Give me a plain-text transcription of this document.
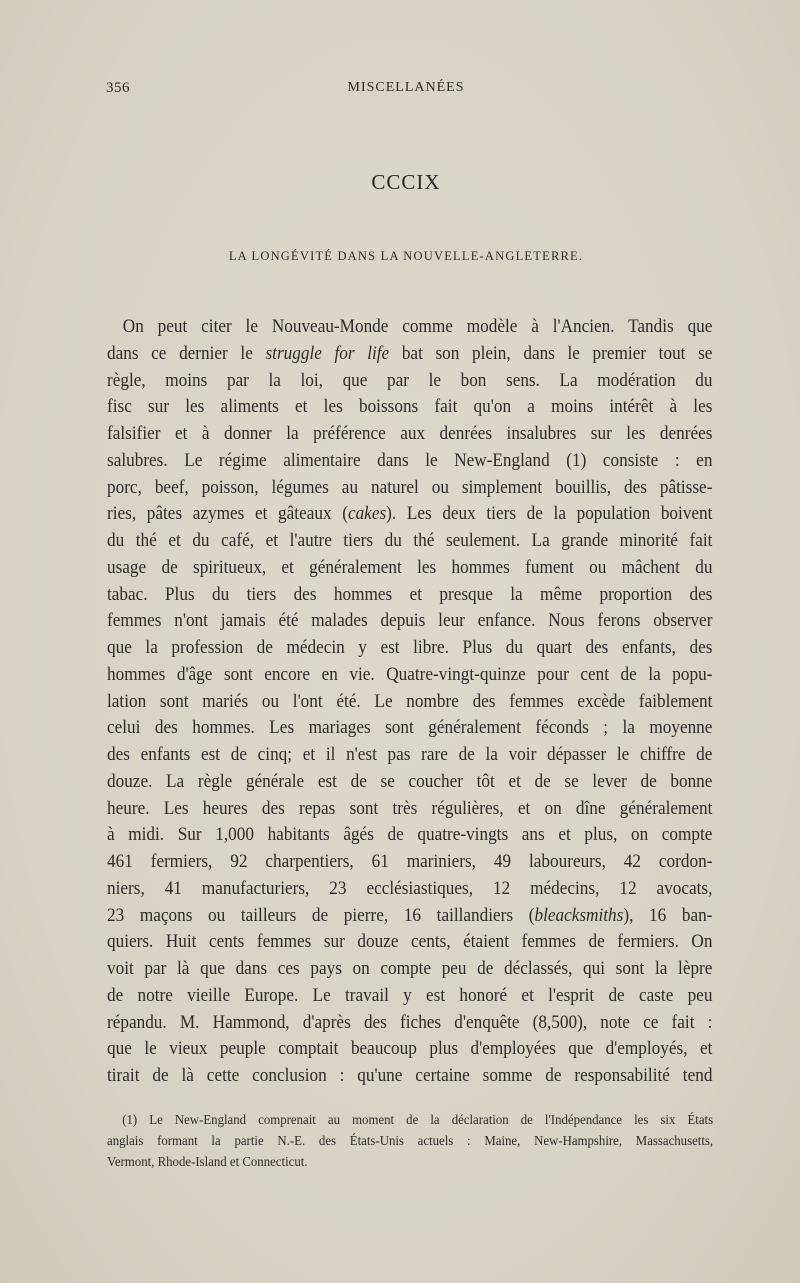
356	MISCELLANÉES
CCCIX
LA LONGÉVITÉ DANS LA NOUVELLE-ANGLETERRE.
On peut citer le Nouveau-Monde comme modèle à l'Ancien. Tandis que
dans ce dernier le struggle for life bat son plein, dans le premier tout se
règle, moins par la loi, que par le bon sens. La modération du
fisc sur les aliments et les boissons fait qu'on a moins intérêt à les
falsifier et à donner la préférence aux denrées insalubres sur les denrées
salubres. Le régime alimentaire dans le New-England (1) consiste : en
porc, beef, poisson, légumes au naturel ou simplement bouillis, des pâtisse-
ries, pâtes azymes et gâteaux (cakes). Les deux tiers de la population boivent
du thé et du café, et l'autre tiers du thé seulement. La grande minorité fait
usage de spiritueux, et généralement les hommes fument ou mâchent du
tabac. Plus du tiers des hommes et presque la même proportion des
femmes n'ont jamais été malades depuis leur enfance. Nous ferons observer
que la profession de médecin y est libre. Plus du quart des enfants, des
hommes d'âge sont encore en vie. Quatre-vingt-quinze pour cent de la popu-
lation sont mariés ou l'ont été. Le nombre des femmes excède faiblement
celui des hommes. Les mariages sont généralement féconds ; la moyenne
des enfants est de cinq; et il n'est pas rare de la voir dépasser le chiffre de
douze. La règle générale est de se coucher tôt et de se lever de bonne
heure. Les heures des repas sont très régulières, et on dîne généralement
à midi. Sur 1,000 habitants âgés de quatre-vingts ans et plus, on compte
461 fermiers, 92 charpentiers, 61 mariniers, 49 laboureurs, 42 cordon-
niers, 41 manufacturiers, 23 ecclésiastiques, 12 médecins, 12 avocats,
23 maçons ou tailleurs de pierre, 16 taillandiers (bleacksmiths), 16 ban-
quiers. Huit cents femmes sur douze cents, étaient femmes de fermiers. On
voit par là que dans ces pays on compte peu de déclassés, qui sont la lèpre
de notre vieille Europe. Le travail y est honoré et l'esprit de caste peu
répandu. M. Hammond, d'après des fiches d'enquête (8,500), note ce fait :
que le vieux peuple comptait beaucoup plus d'employées que d'employés, et
tirait de là cette conclusion : qu'une certaine somme de responsabilité tend
(1) Le New-England comprenait au moment de la déclaration de l'Indépendance les six États
anglais formant la partie N.-E. des États-Unis actuels : Maine, New-Hampshire, Massachusetts,
Vermont, Rhode-Island et Connecticut.
